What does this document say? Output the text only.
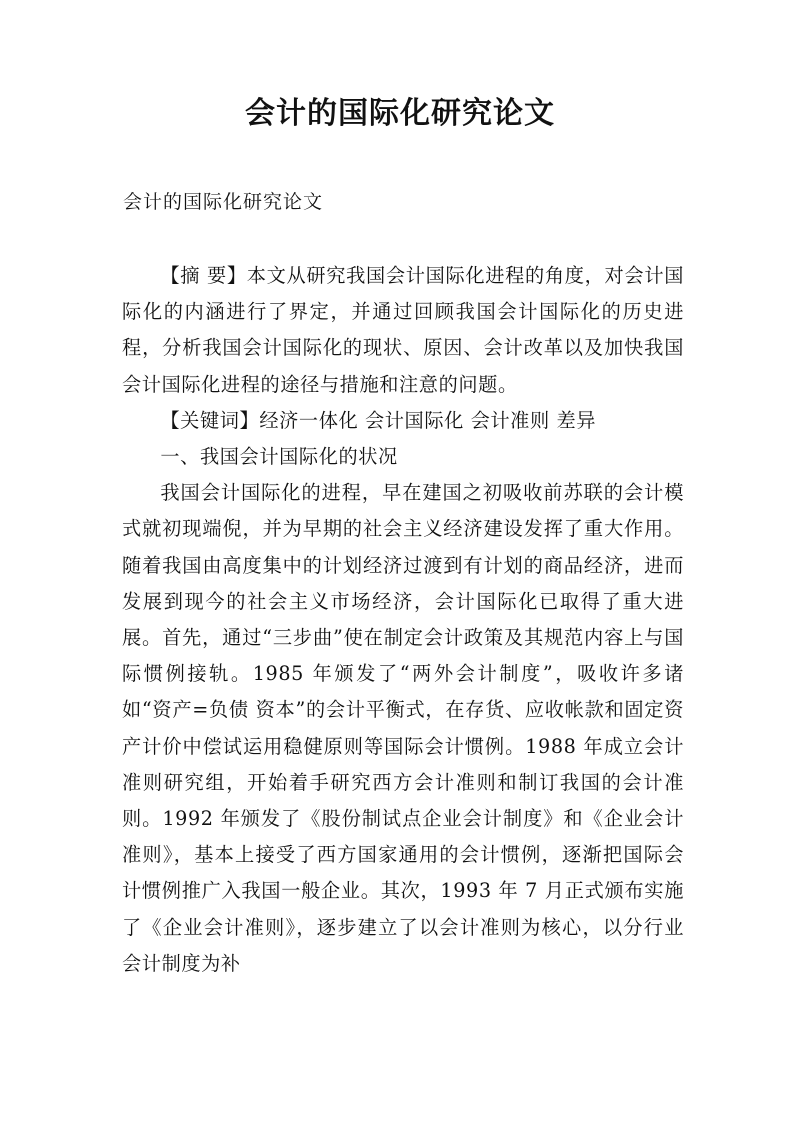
会计的国际化研究论文
会计的国际化研究论文

【摘 要】本文从研究我国会计国际化进程的角度，对会计国际化的内涵进行了界定，并通过回顾我国会计国际化的历史进程，分析我国会计国际化的现状、原因、会计改革以及加快我国会计国际化进程的途径与措施和注意的问题。

【关键词】经济一体化 会计国际化 会计准则 差异

一、我国会计国际化的状况

我国会计国际化的进程，早在建国之初吸收前苏联的会计模式就初现端倪，并为早期的社会主义经济建设发挥了重大作用。随着我国由高度集中的计划经济过渡到有计划的商品经济，进而发展到现今的社会主义市场经济，会计国际化已取得了重大进展。首先，通过“三步曲”使在制定会计政策及其规范内容上与国际惯例接轨。1985 年颁发了“两外会计制度”，吸收许多诸如“资产=负债 资本”的会计平衡式，在存货、应收帐款和固定资产计价中偿试运用稳健原则等国际会计惯例。1988 年成立会计准则研究组，开始着手研究西方会计准则和制订我国的会计准则。1992 年颁发了《股份制试点企业会计制度》和《企业会计准则》，基本上接受了西方国家通用的会计惯例，逐渐把国际会计惯例推广入我国一般企业。其次，1993 年 7 月正式颁布实施了《企业会计准则》，逐步建立了以会计准则为核心，以分行业会计制度为补
